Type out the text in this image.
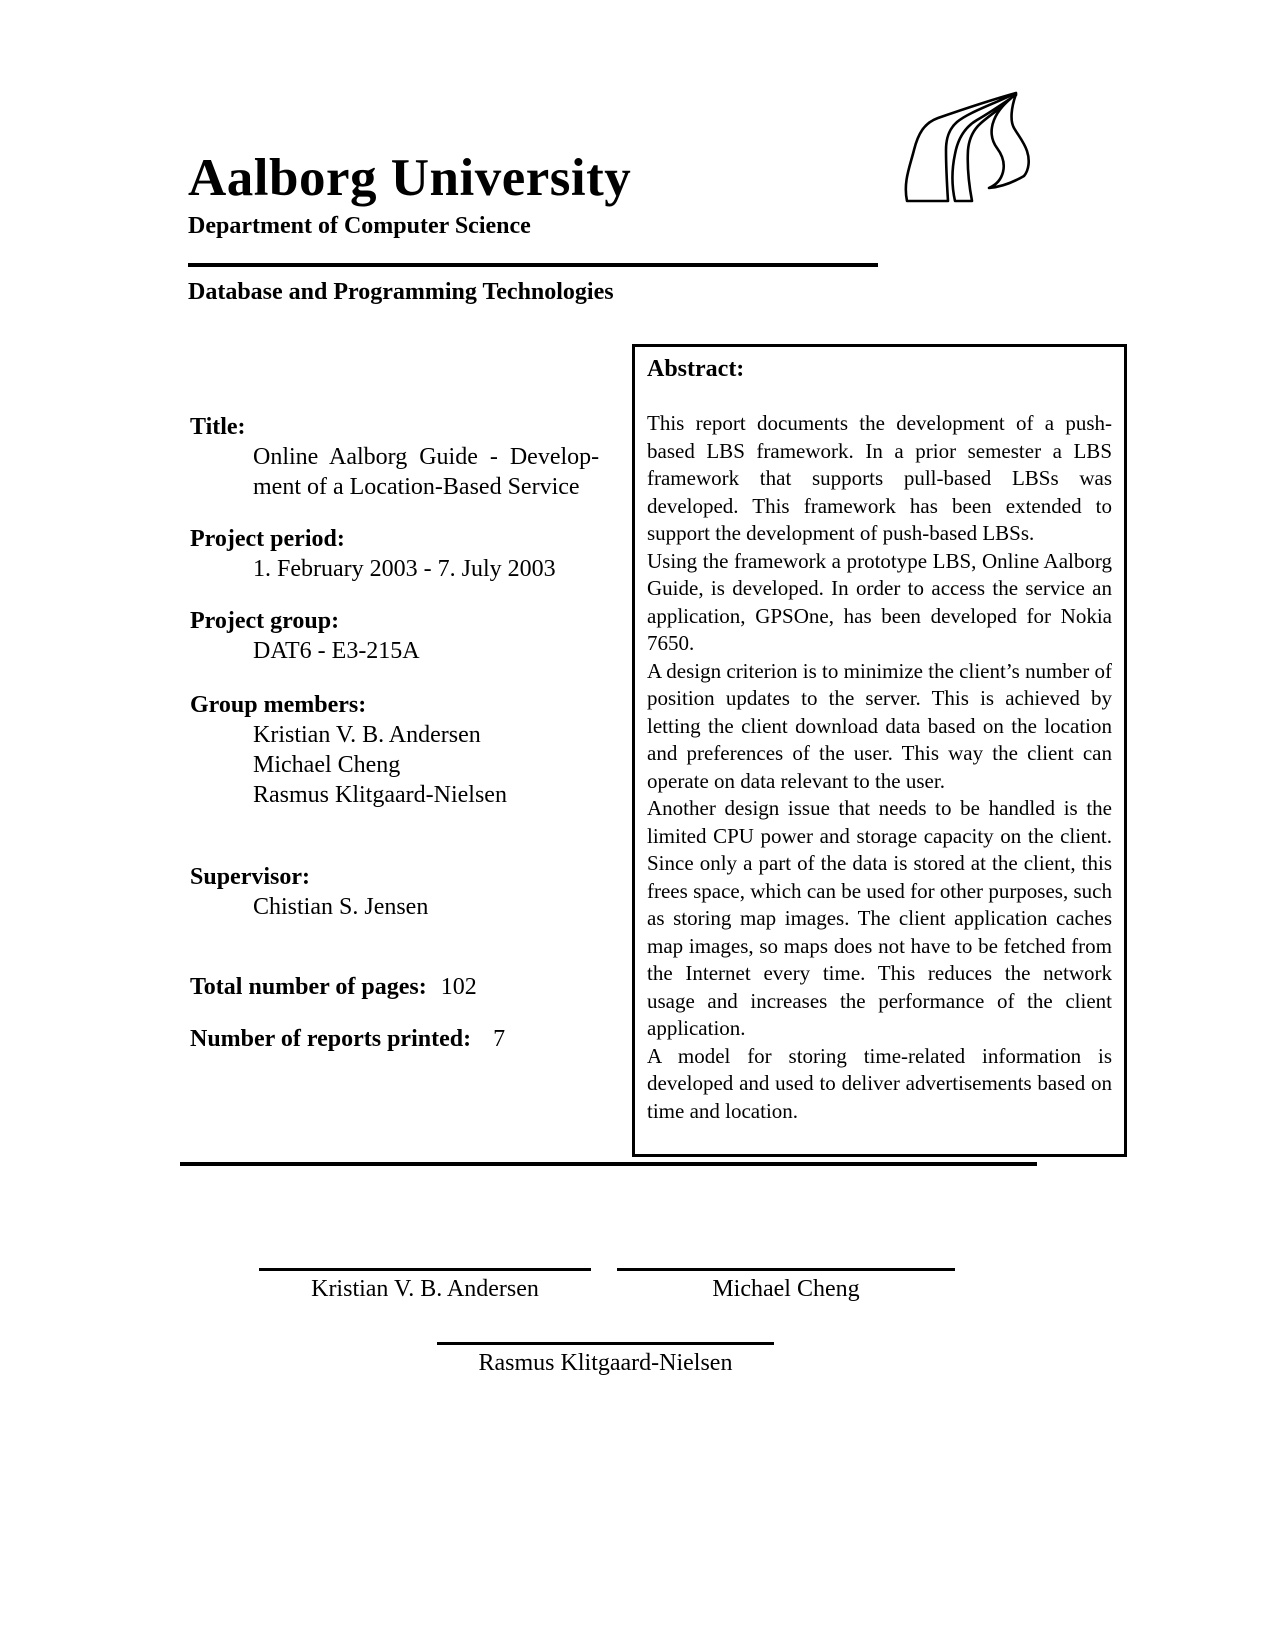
Aalborg University
Department of Computer Science
Database and Programming Technologies
Title:
Online Aalborg Guide - Develop-
ment of a Location-Based Service
Project period:
1. February 2003 - 7. July 2003
Project group:
DAT6 - E3-215A
Group members:
Kristian V. B. Andersen
Michael Cheng
Rasmus Klitgaard-Nielsen
Supervisor:
Chistian S. Jensen
Total number of pages: 102
Number of reports printed: 7
Abstract:

This report documents the development of a push-based LBS framework. In a prior semester a LBS framework that supports pull-based LBSs was developed. This framework has been extended to support the development of push-based LBSs.

Using the framework a prototype LBS, Online Aalborg Guide, is developed. In order to access the service an application, GPSOne, has been developed for Nokia 7650.

A design criterion is to minimize the client’s number of position updates to the server. This is achieved by letting the client download data based on the location and preferences of the user. This way the client can operate on data relevant to the user.

Another design issue that needs to be handled is the limited CPU power and storage capacity on the client. Since only a part of the data is stored at the client, this frees space, which can be used for other purposes, such as storing map images. The client application caches map images, so maps does not have to be fetched from the Internet every time. This reduces the network usage and increases the performance of the client application.

A model for storing time-related information is developed and used to deliver advertisements based on time and location.

Kristian V. B. Andersen	Michael Cheng
Rasmus Klitgaard-Nielsen
